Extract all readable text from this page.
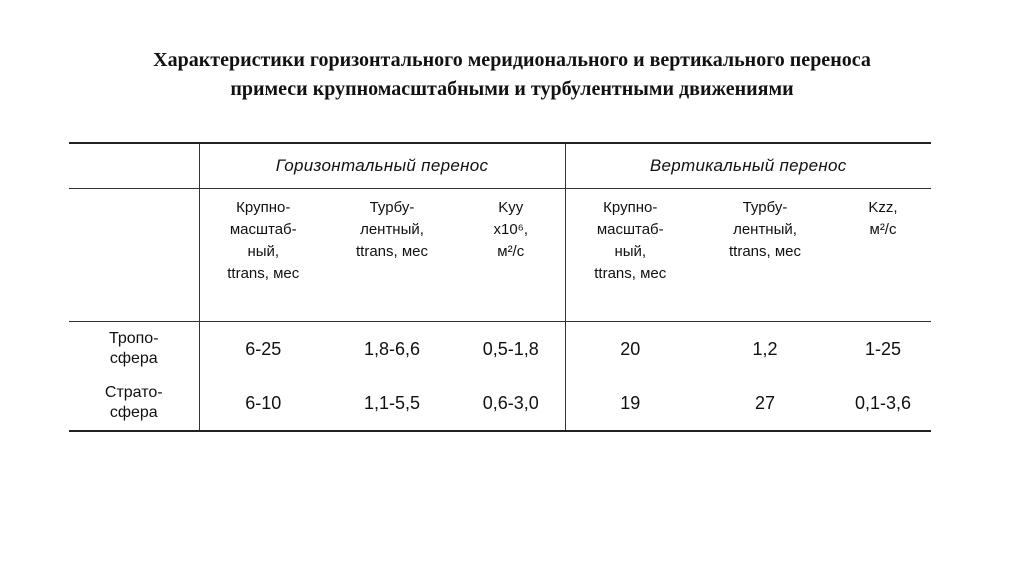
Характеристики горизонтального меридионального и вертикального переноса
примеси крупномасштабными и турбулентными движениями

	Горизонтальный перенос			Вертикальный перенос		

	Крупно-
масштаб-
ный,
ttrans, мес	Турбу-
лентный,
ttrans, мес	Kyy
x10⁶,
м²/с	Крупно-
масштаб-
ный,
ttrans, мес	Турбу-
лентный,
ttrans, мес	Kzz,
м²/с

Тропо-
сфера	6-25	1,8-6,6	0,5-1,8	20	1,2	1-25

Страто-
сфера	6-10	1,1-5,5	0,6-3,0	19	27	0,1-3,6
